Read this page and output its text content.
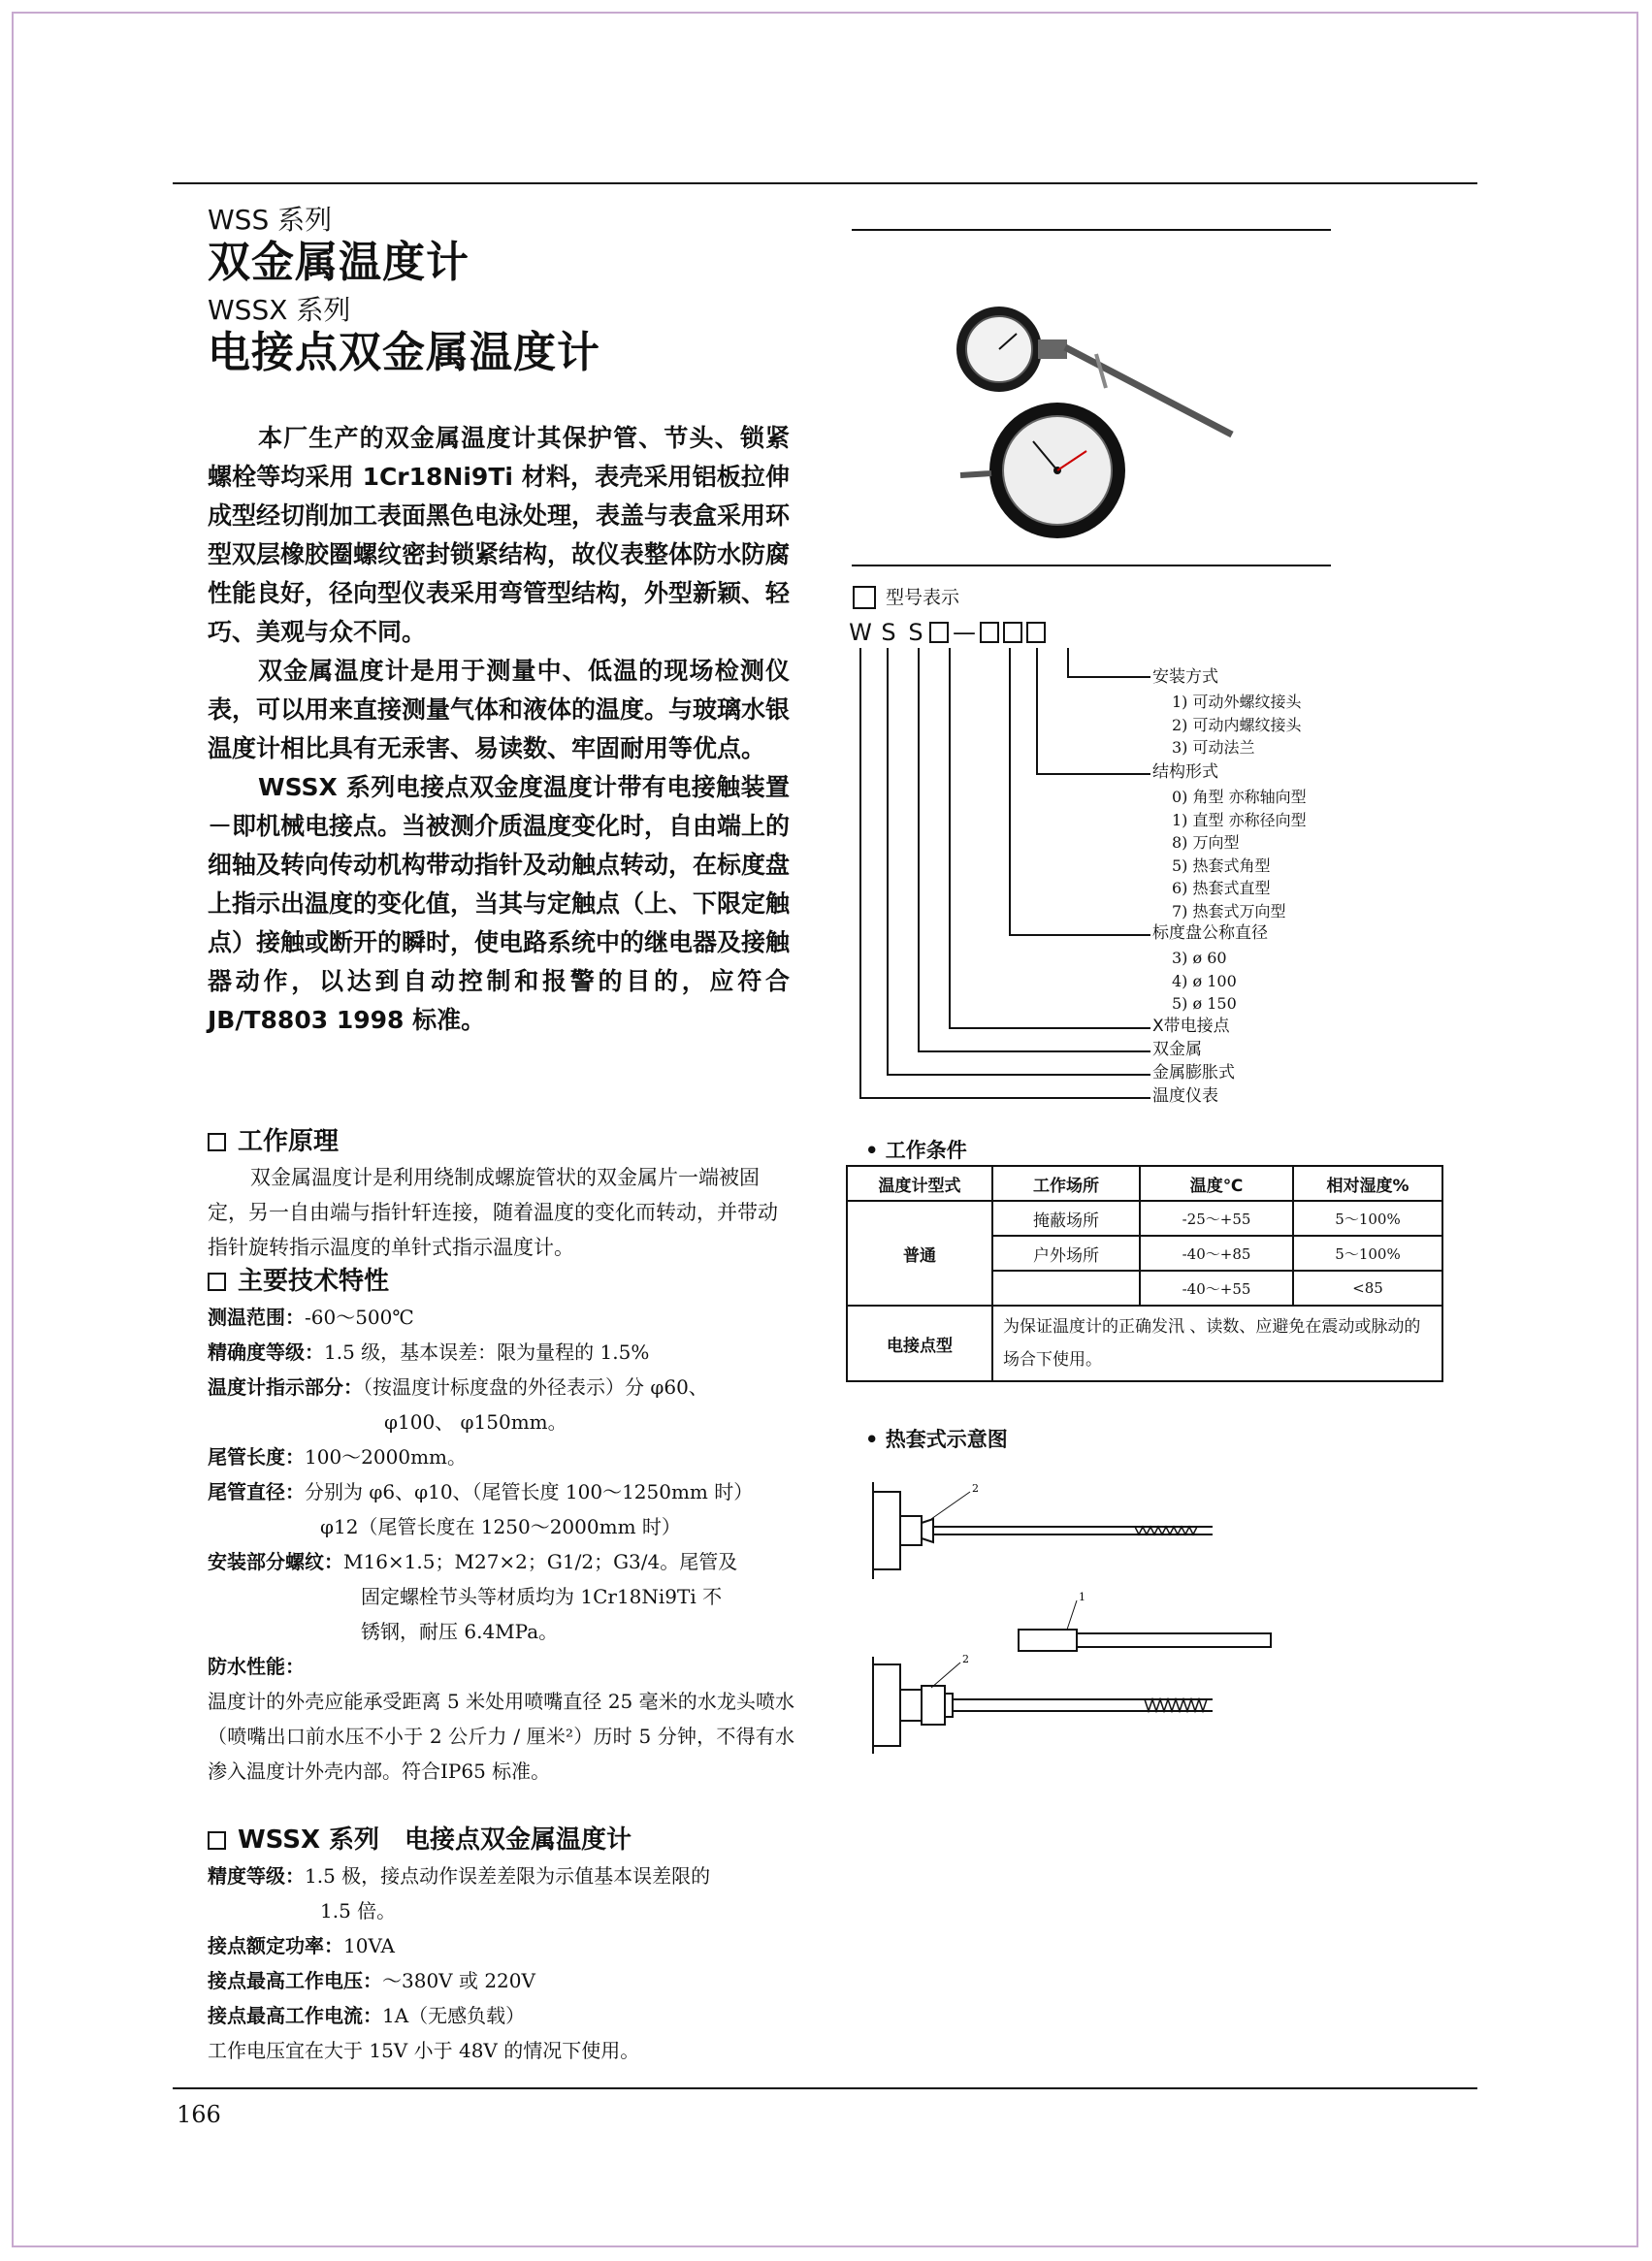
WSS 系列
双金属温度计
WSSX 系列
电接点双金属温度计

本厂生产的双金属温度计其保护管、节头、锁紧螺栓等均采用 1Cr18Ni9Ti 材料，表壳采用铝板拉伸成型经切削加工表面黑色电泳处理，表盖与表盒采用环型双层橡胶圈螺纹密封锁紧结构，故仪表整体防水防腐性能良好，径向型仪表采用弯管型结构，外型新颖、轻巧、美观与众不同。

双金属温度计是用于测量中、低温的现场检测仪表，可以用来直接测量气体和液体的温度。与玻璃水银温度计相比具有无汞害、易读数、牢固耐用等优点。

WSSX 系列电接点双金度温度计带有电接触装置－即机械电接点。当被测介质温度变化时，自由端上的细轴及转向传动机构带动指针及动触点转动，在标度盘上指示出温度的变化值，当其与定触点（上、下限定触点）接触或断开的瞬时，使电路系统中的继电器及接触器动作，以达到自动控制和报警的目的，应符合 JB/T8803 1998 标准。

工作原理
双金属温度计是利用绕制成螺旋管状的双金属片一端被固定，另一自由端与指针轩连接，随着温度的变化而转动，并带动指针旋转指示温度的单针式指示温度计。
主要技术特性
测温范围：-60～500℃
精确度等级：1.5 级，基本误差：限为量程的 1.5%
温度计指示部分：（按温度计标度盘的外径表示）分 φ60、
φ100、 φ150mm。
尾管长度：100～2000mm。
尾管直径：分别为 φ6、φ10、（尾管长度 100～1250mm 时）
φ12（尾管长度在 1250～2000mm 时）
安装部分螺纹：M16×1.5；M27×2；G1/2；G3/4。尾管及
固定螺栓节头等材质均为 1Cr18Ni9Ti 不
锈钢，耐压 6.4MPa。
防水性能：
温度计的外壳应能承受距离 5 米处用喷嘴直径 25 毫米的水龙头喷水（喷嘴出口前水压不小于 2 公斤力 / 厘米²）历时 5 分钟，不得有水渗入温度计外壳内部。符合IP65 标准。
WSSX 系列　电接点双金属温度计
精度等级：1.5 极，接点动作误差差限为示值基本误差限的
1.5 倍。
接点额定功率：10VA
接点最高工作电压：～380V 或 220V
接点最高工作电流：1A（无感负载）
工作电压宜在大于 15V 小于 48V 的情况下使用。
166
型号表示
W S S —
安装方式
1) 可动外螺纹接头
2) 可动内螺纹接头
3) 可动法兰
结构形式
0) 角型 亦称轴向型
1) 直型 亦称径向型
8) 万向型
5) 热套式角型
6) 热套式直型
7) 热套式万向型
标度盘公称直径
3) ø 60
4) ø 100
5) ø 150
X带电接点
双金属
金属膨胀式
温度仪表
• 工作条件
温度计型式	工作场所	温度℃	相对湿度%
普通	掩蔽场所	-25～+55	5～100%
	户外场所	-40～+85	5～100%
		-40～+55	<85
电接点型	为保证温度计的正确发汛 、读数、应避免在震动或脉动的场合下使用。		
• 热套式示意图
2
1
2
